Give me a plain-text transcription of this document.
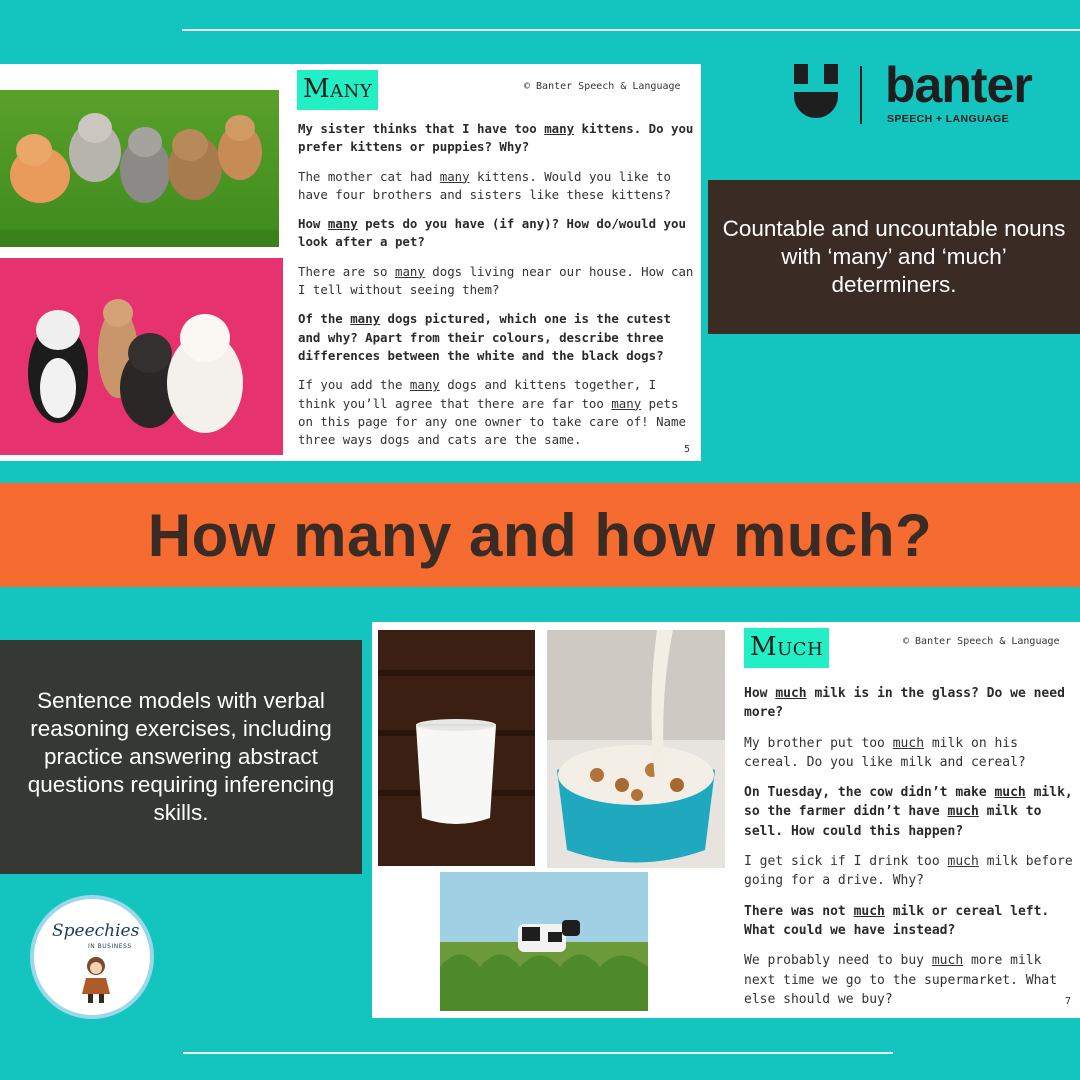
Many	© Banter Speech & Language

My sister thinks that I have too many kittens. Do you prefer kittens or puppies? Why?

The mother cat had many kittens. Would you like to have four brothers and sisters like these kittens?

How many pets do you have (if any)? How do/would you look after a pet?

There are so many dogs living near our house. How can I tell without seeing them?

Of the many dogs pictured, which one is the cutest and why? Apart from their colours, describe three differences between the white and the black dogs?

If you add the many dogs and kittens together, I think you’ll agree that there are far too many pets on this page for any one owner to take care of! Name three ways dogs and cats are the same.

5
banter
SPEECH + LANGUAGE
Countable and uncountable nouns with ‘many’ and ‘much’ determiners.
How many and how much?
Sentence models with verbal reasoning exercises, including practice answering abstract questions requiring inferencing skills.
Much	© Banter Speech & Language

How much milk is in the glass? Do we need more?

My brother put too much milk on his cereal. Do you like milk and cereal?

On Tuesday, the cow didn’t make much milk, so the farmer didn’t have much milk to sell. How could this happen?

I get sick if I drink too much milk before going for a drive. Why?

There was not much milk or cereal left. What could we have instead?

We probably need to buy much more milk next time we go to the supermarket. What else should we buy?	7
Speechies
IN BUSINESS
